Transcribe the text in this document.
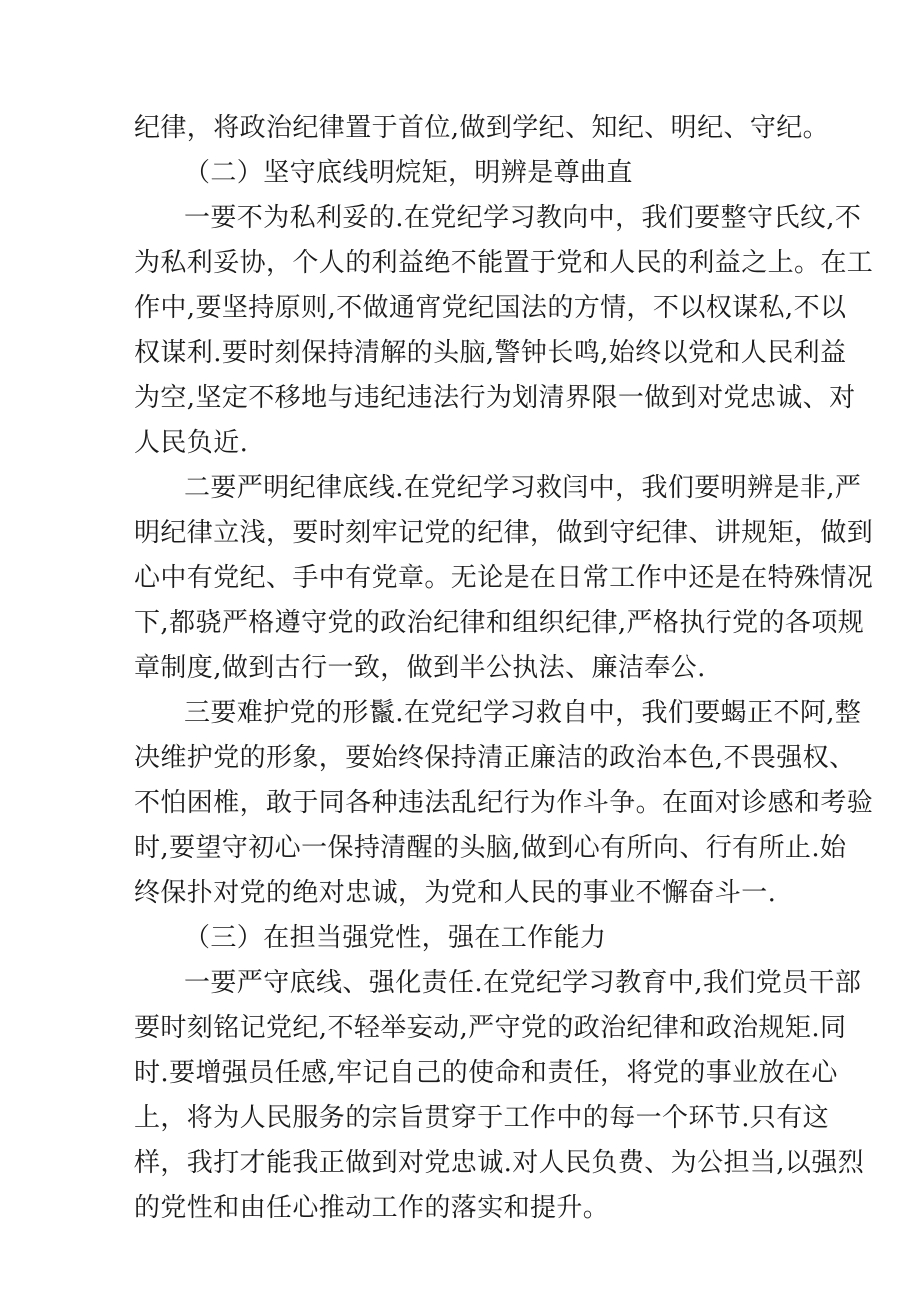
纪律，将政治纪律置于首位,做到学纪、知纪、明纪、守纪。
（二）坚守底线明烷矩，明辨是尊曲直
一要不为私利妥的.在党纪学习教向中，我们要整守氏纹,不
为私利妥协，个人的利益绝不能置于党和人民的利益之上。在工
作中,要坚持原则,不做通宵党纪国法的方情，不以权谋私,不以
权谋利.要时刻保持清解的头脑,警钟长鸣,始终以党和人民利益
为空,坚定不移地与违纪违法行为划清界限一做到对党忠诚、对
人民负近.
二要严明纪律底线.在党纪学习救闫中，我们要明辨是非,严
明纪律立浅，要时刻牢记党的纪律，做到守纪律、讲规矩，做到
心中有党纪、手中有党章。无论是在日常工作中还是在特殊情况
下,都骁严格遵守党的政治纪律和组织纪律,严格执行党的各项规
章制度,做到古行一致，做到半公执法、廉洁奉公.
三要难护党的形鬣.在党纪学习救自中，我们要蝎正不阿,整
决维护党的形象，要始终保持清正廉洁的政治本色,不畏强权、
不怕困椎，敢于同各种违法乱纪行为作斗争。在面对诊感和考验
时,要望守初心一保持清醒的头脑,做到心有所向、行有所止.始
终保扑对党的绝对忠诚，为党和人民的事业不懈奋斗一.
（三）在担当强党性，强在工作能力
一要严守底线、强化责任.在党纪学习教育中,我们党员干部
要时刻铭记党纪,不轻举妄动,严守党的政治纪律和政治规矩.同
时.要增强员任感,牢记自己的使命和责任，将党的事业放在心
上，将为人民服务的宗旨贯穿于工作中的每一个环节.只有这
样，我打才能我正做到对党忠诚.对人民负费、为公担当,以强烈
的党性和由任心推动工作的落实和提升。
